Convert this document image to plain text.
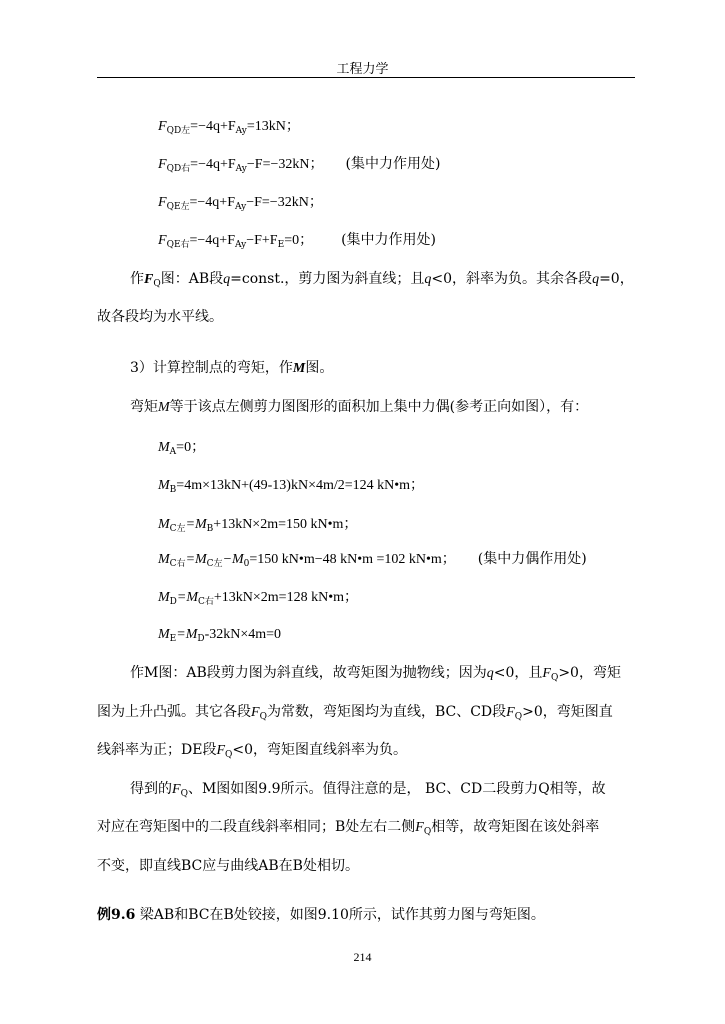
工程力学
$F_{QD左}=-4q+F_{Ay}=13kN$；
$F_{QD右}=-4q+F_{Ay}-F=-32kN$； (集中力作用处)
$F_{QE左}=-4q+F_{Ay}-F=-32kN$；
$F_{QE右}=-4q+F_{Ay}-F+F_E=0$； (集中力作用处)
作$F_Q$图：AB段q=const.，剪力图为斜直线；且q<0，斜率为负。其余各段q=0，
故各段均为水平线。
3）计算控制点的弯矩，作M图。
弯矩M等于该点左侧剪力图图形的面积加上集中力偶(参考正向如图），有：
$M_A=0$；
$M_B=4m\times 13kN+(49-13)kN\times 4m/2=124$ kN•m；
$M_{C左}=M_B+13kN\times 2m=150$ kN•m；
$M_{C右}=M_{C左}-M_0=150$ kN•m−48 kN•m =102 kN•m； (集中力偶作用处)
$M_D=M_{C右}+13kN\times 2m=128$ kN•m；
$M_E=M_D-32kN\times 4m=0$
作M图：AB段剪力图为斜直线，故弯矩图为抛物线；因为q<0，且$F_Q>0$，弯矩
图为上升凸弧。其它各段$F_Q$为常数，弯矩图均为直线，BC、CD段$F_Q>0$，弯矩图直
线斜率为正；DE段$F_Q<0$，弯矩图直线斜率为负。
得到的$F_Q$、M图如图9.9所示。值得注意的是， BC、CD二段剪力Q相等，故
对应在弯矩图中的二段直线斜率相同；B处左右二侧$F_Q$相等，故弯矩图在该处斜率
不变，即直线BC应与曲线AB在B处相切。
例9.6 梁AB和BC在B处铰接，如图9.10所示，试作其剪力图与弯矩图。
214
